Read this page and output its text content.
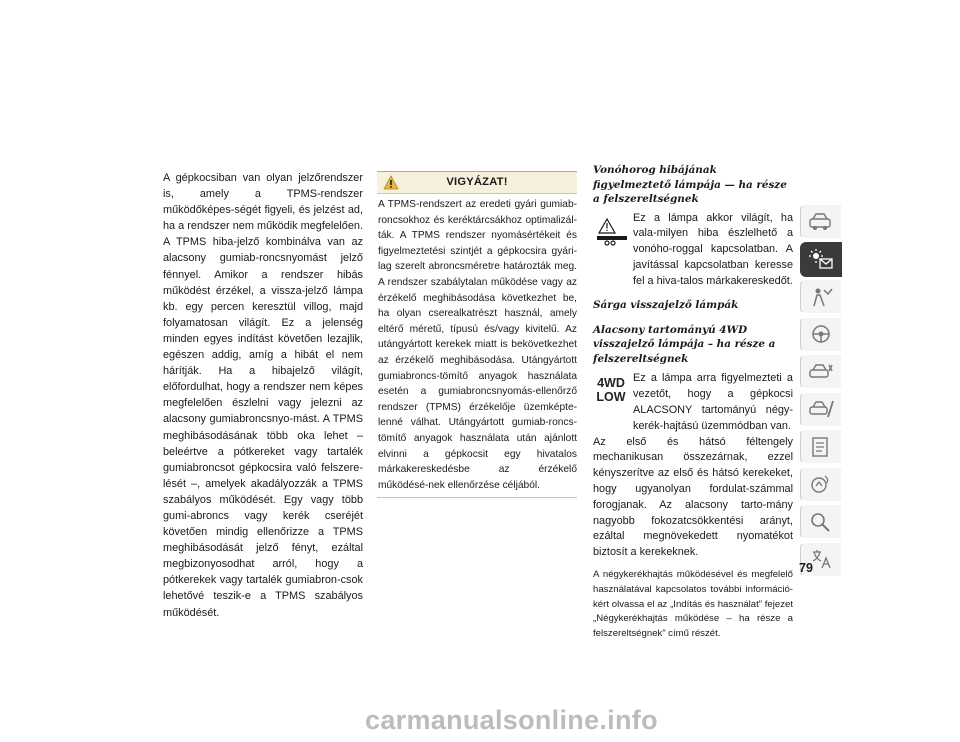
A gépkocsiban van olyan jelzőrendszer is, amely a TPMS-rendszer működőképes-ségét figyeli, és jelzést ad, ha a rendszer nem működik megfelelően. A TPMS hiba-jelző kombinálva van az alacsony gumiab-roncsnyomást jelző fénnyel. Amikor a rendszer hibás működést érzékel, a vissza-jelző lámpa kb. egy percen keresztül villog, majd folyamatosan világít. Ez a jelenség minden egyes indítást követően lezajlik, egészen addig, amíg a hibát el nem hárítják. Ha a hibajelző világít, előfordulhat, hogy a rendszer nem képes megfelelően észlelni vagy jelezni az alacsony gumiabroncsnyo-mást. A TPMS meghibásodásának több oka lehet – beleértve a pótkereket vagy tartalék gumiabroncsot gépkocsira való felszere-lését –, amelyek akadályozzák a TPMS szabályos működését. Egy vagy több gumi-abroncs vagy kerék cseréjét követően mindig ellenőrizze a TPMS meghibásodását jelző fényt, ezáltal megbizonyosodhat arról, hogy a pótkerekek vagy tartalék gumiabron-csok lehetővé teszik-e a TPMS szabályos működését.
VIGYÁZAT!
A TPMS-rendszert az eredeti gyári gumiab-roncsokhoz és keréktárcsákhoz optimalizál-ták. A TPMS rendszer nyomásértékeit és figyelmeztetési szintjét a gépkocsira gyári-lag szerelt abroncsméretre határozták meg. A rendszer szabálytalan működése vagy az érzékelő meghibásodása következhet be, ha olyan cserealkatrészt használ, amely eltérő méretű, típusú és/vagy kivitelű. Az utángyártott kerekek miatt is bekövetkezhet az érzékelő meghibásodása. Utángyártott gumiabroncs-tömítő anyagok használata esetén a gumiabroncsnyomás-ellenőrző rendszer (TPMS) érzékelője üzemképte-lenné válhat. Utángyártott gumiab-roncs-tömítő anyagok használata után ajánlott elvinni a gépkocsit egy hivatalos márkakereskedésbe az érzékelő működésé-nek ellenőrzése céljából.
Vonóhorog hibájának figyelmeztető lámpája — ha része a felszereltségnek
Ez a lámpa akkor világít, ha vala-milyen hiba észlelhető a vonóho-roggal kapcsolatban. A javítással kapcsolatban keresse fel a hiva-talos márkakereskedőt.
Sárga visszajelző lámpák
Alacsony tartományú 4WD visszajelző lámpája – ha része a felszereltségnek
4WD
LOW
Ez a lámpa arra figyelmezteti a vezetőt, hogy a gépkocsi ALACSONY tartományú négy-kerék-hajtású üzemmódban van.
Az első és hátsó féltengely mechanikusan összezárnak, ezzel kényszerítve az első és hátsó kerekeket, hogy ugyanolyan fordulat-számmal forogjanak. Az alacsony tarto-mány nagyobb fokozatcsökkentési arányt, ezáltal megnövekedett nyomatékot biztosít a kerekeknek.
A négykerékhajtás működésével és megfelelő használatával kapcsolatos további információ-kért olvassa el az „Indítás és használat” fejezet „Négykerékhajtás működése – ha része a felszereltségnek” című részét.
79
carmanualsonline.info
